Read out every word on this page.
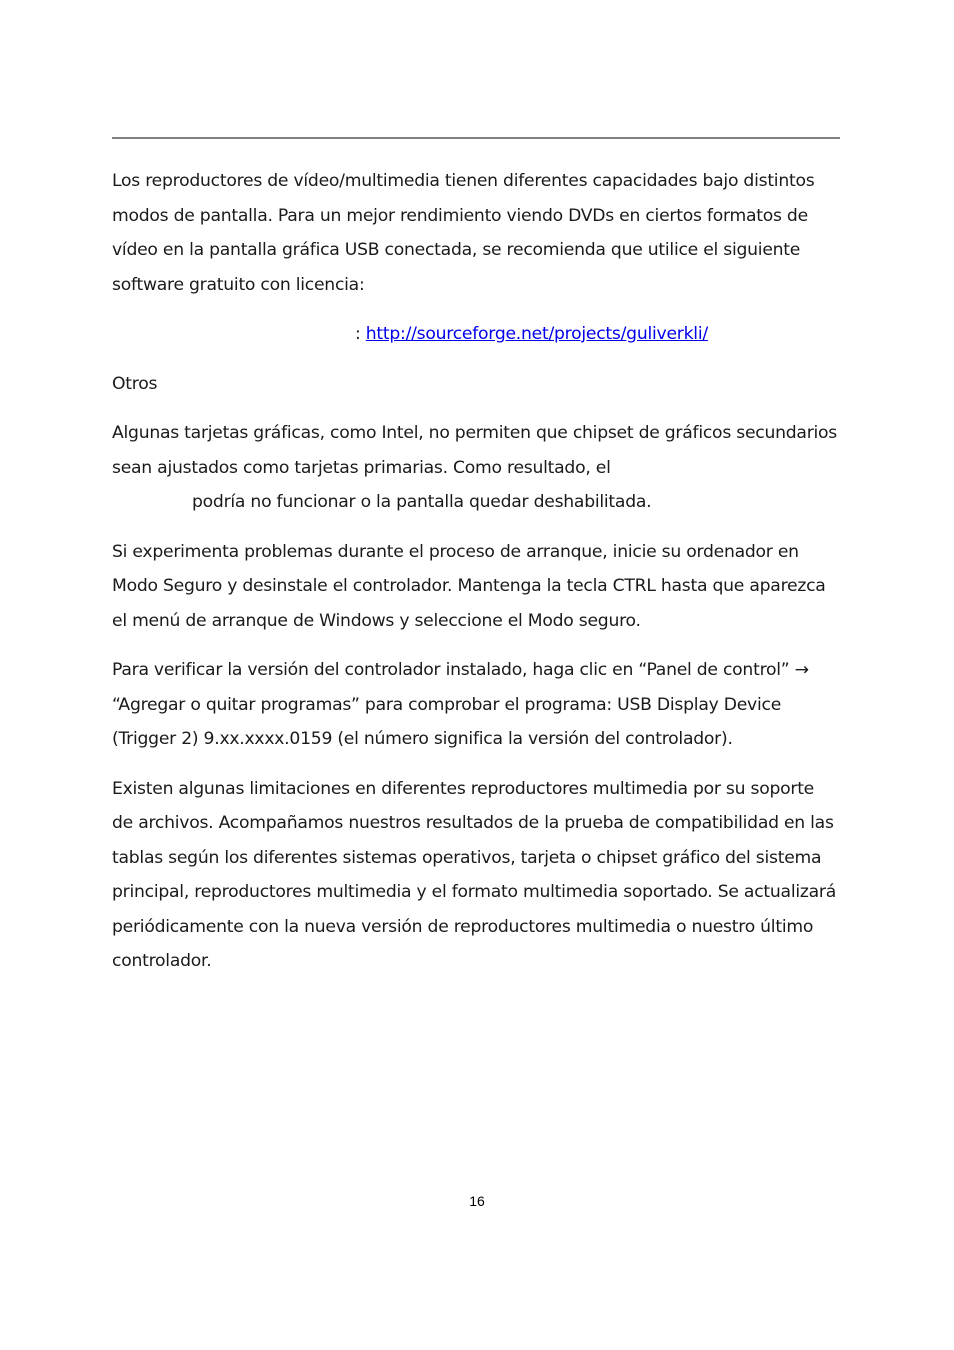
Los reproductores de vídeo/multimedia tienen diferentes capacidades bajo distintos modos de pantalla. Para un mejor rendimiento viendo DVDs en ciertos formatos de vídeo en la pantalla gráfica USB conectada, se recomienda que utilice el siguiente software gratuito con licencia:

: http://sourceforge.net/projects/guliverkli/

Otros

Algunas tarjetas gráficas, como Intel, no permiten que chipset de gráficos secundarios sean ajustados como tarjetas primarias. Como resultado, el
podría no funcionar o la pantalla quedar deshabilitada.

Si experimenta problemas durante el proceso de arranque, inicie su ordenador en Modo Seguro y desinstale el controlador. Mantenga la tecla CTRL hasta que aparezca el menú de arranque de Windows y seleccione el Modo seguro.

Para verificar la versión del controlador instalado, haga clic en “Panel de control” → “Agregar o quitar programas” para comprobar el programa: USB Display Device (Trigger 2) 9.xx.xxxx.0159 (el número significa la versión del controlador).

Existen algunas limitaciones en diferentes reproductores multimedia por su soporte de archivos. Acompañamos nuestros resultados de la prueba de compatibilidad en las tablas según los diferentes sistemas operativos, tarjeta o chipset gráfico del sistema principal, reproductores multimedia y el formato multimedia soportado. Se actualizará periódicamente con la nueva versión de reproductores multimedia o nuestro último controlador.

16
